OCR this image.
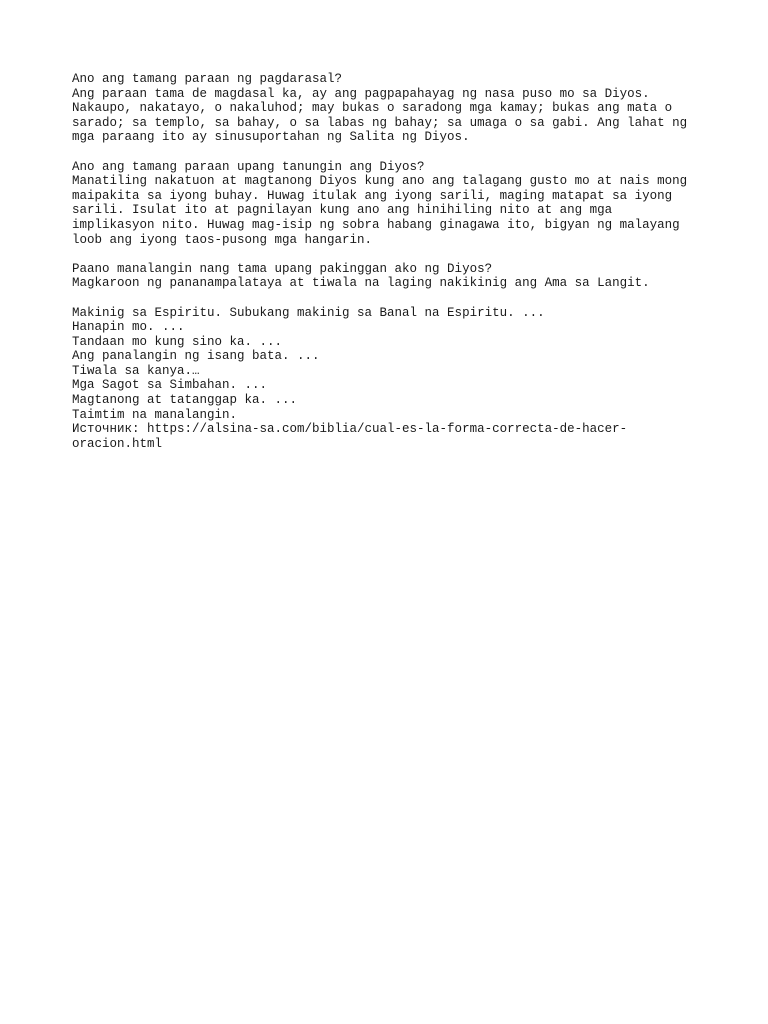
Ano ang tamang paraan ng pagdarasal?
Ang paraan tama de magdasal ka, ay ang pagpapahayag ng nasa puso mo sa Diyos.
Nakaupo, nakatayo, o nakaluhod; may bukas o saradong mga kamay; bukas ang mata o
sarado; sa templo, sa bahay, o sa labas ng bahay; sa umaga o sa gabi. Ang lahat ng
mga paraang ito ay sinusuportahan ng Salita ng Diyos.
Ano ang tamang paraan upang tanungin ang Diyos?
Manatiling nakatuon at magtanong Diyos kung ano ang talagang gusto mo at nais mong
maipakita sa iyong buhay. Huwag itulak ang iyong sarili, maging matapat sa iyong
sarili. Isulat ito at pagnilayan kung ano ang hinihiling nito at ang mga
implikasyon nito. Huwag mag-isip ng sobra habang ginagawa ito, bigyan ng malayang
loob ang iyong taos-pusong mga hangarin.
Paano manalangin nang tama upang pakinggan ako ng Diyos?
Magkaroon ng pananampalataya at tiwala na laging nakikinig ang Ama sa Langit.
Makinig sa Espiritu. Subukang makinig sa Banal na Espiritu. ...
Hanapin mo. ...
Tandaan mo kung sino ka. ...
Ang panalangin ng isang bata. ...
Tiwala sa kanya.…
Mga Sagot sa Simbahan. ...
Magtanong at tatanggap ka. ...
Taimtim na manalangin.
Источник: https://alsina-sa.com/biblia/cual-es-la-forma-correcta-de-hacer-
oracion.html
